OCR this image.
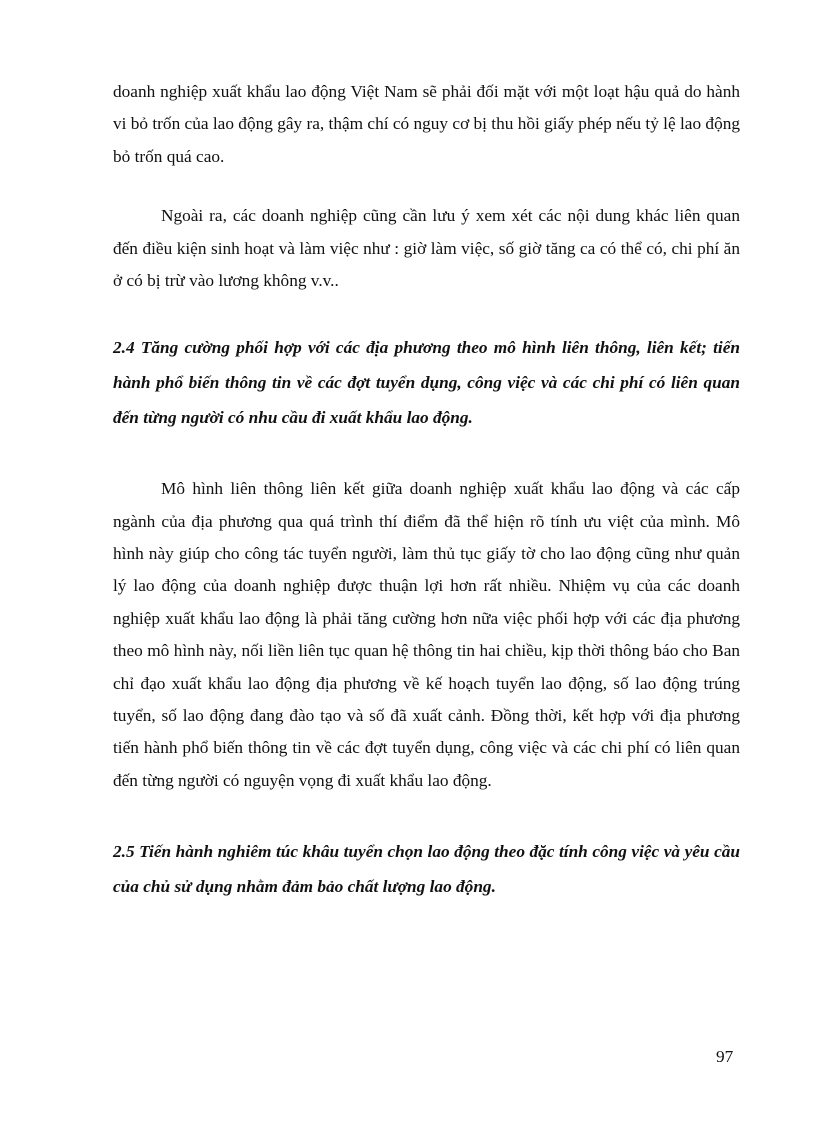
doanh nghiệp xuất khẩu lao động Việt Nam sẽ phải đối mặt với một loạt hậu quả do hành vi bỏ trốn của lao động gây ra, thậm chí có nguy cơ bị thu hồi giấy phép nếu tỷ lệ lao động bỏ trốn quá cao.

Ngoài ra, các doanh nghiệp cũng cần lưu ý xem xét các nội dung khác liên quan đến điều kiện sinh hoạt và làm việc như : giờ làm việc, số giờ tăng ca có thể có, chi phí ăn ở có bị trừ vào lương không v.v..

2.4 Tăng cường phối hợp với các địa phương theo mô hình liên thông, liên kết; tiến hành phổ biến thông tin về các đợt tuyển dụng, công việc và các chi phí có liên quan đến từng người có nhu cầu đi xuất khẩu lao động.

Mô hình liên thông liên kết giữa doanh nghiệp xuất khẩu lao động và các cấp ngành của địa phương qua quá trình thí điểm đã thể hiện rõ tính ưu việt của mình. Mô hình này giúp cho công tác tuyển người, làm thủ tục giấy tờ cho lao động cũng như quản lý lao động của doanh nghiệp được thuận lợi hơn rất nhiều. Nhiệm vụ của các doanh nghiệp xuất khẩu lao động là phải tăng cường hơn nữa việc phối hợp với các địa phương theo mô hình này, nối liền liên tục quan hệ thông tin hai chiều, kịp thời thông báo cho Ban chỉ đạo xuất khẩu lao động địa phương về kế hoạch tuyển lao động, số lao động trúng tuyển, số lao động đang đào tạo và số đã xuất cảnh. Đồng thời, kết hợp với địa phương tiến hành phổ biến thông tin về các đợt tuyển dụng, công việc và các chi phí có liên quan đến từng người có nguyện vọng đi xuất khẩu lao động.

2.5 Tiến hành nghiêm túc khâu tuyển chọn lao động theo đặc tính công việc và yêu cầu của chủ sử dụng nhằm đảm bảo chất lượng lao động.

97
